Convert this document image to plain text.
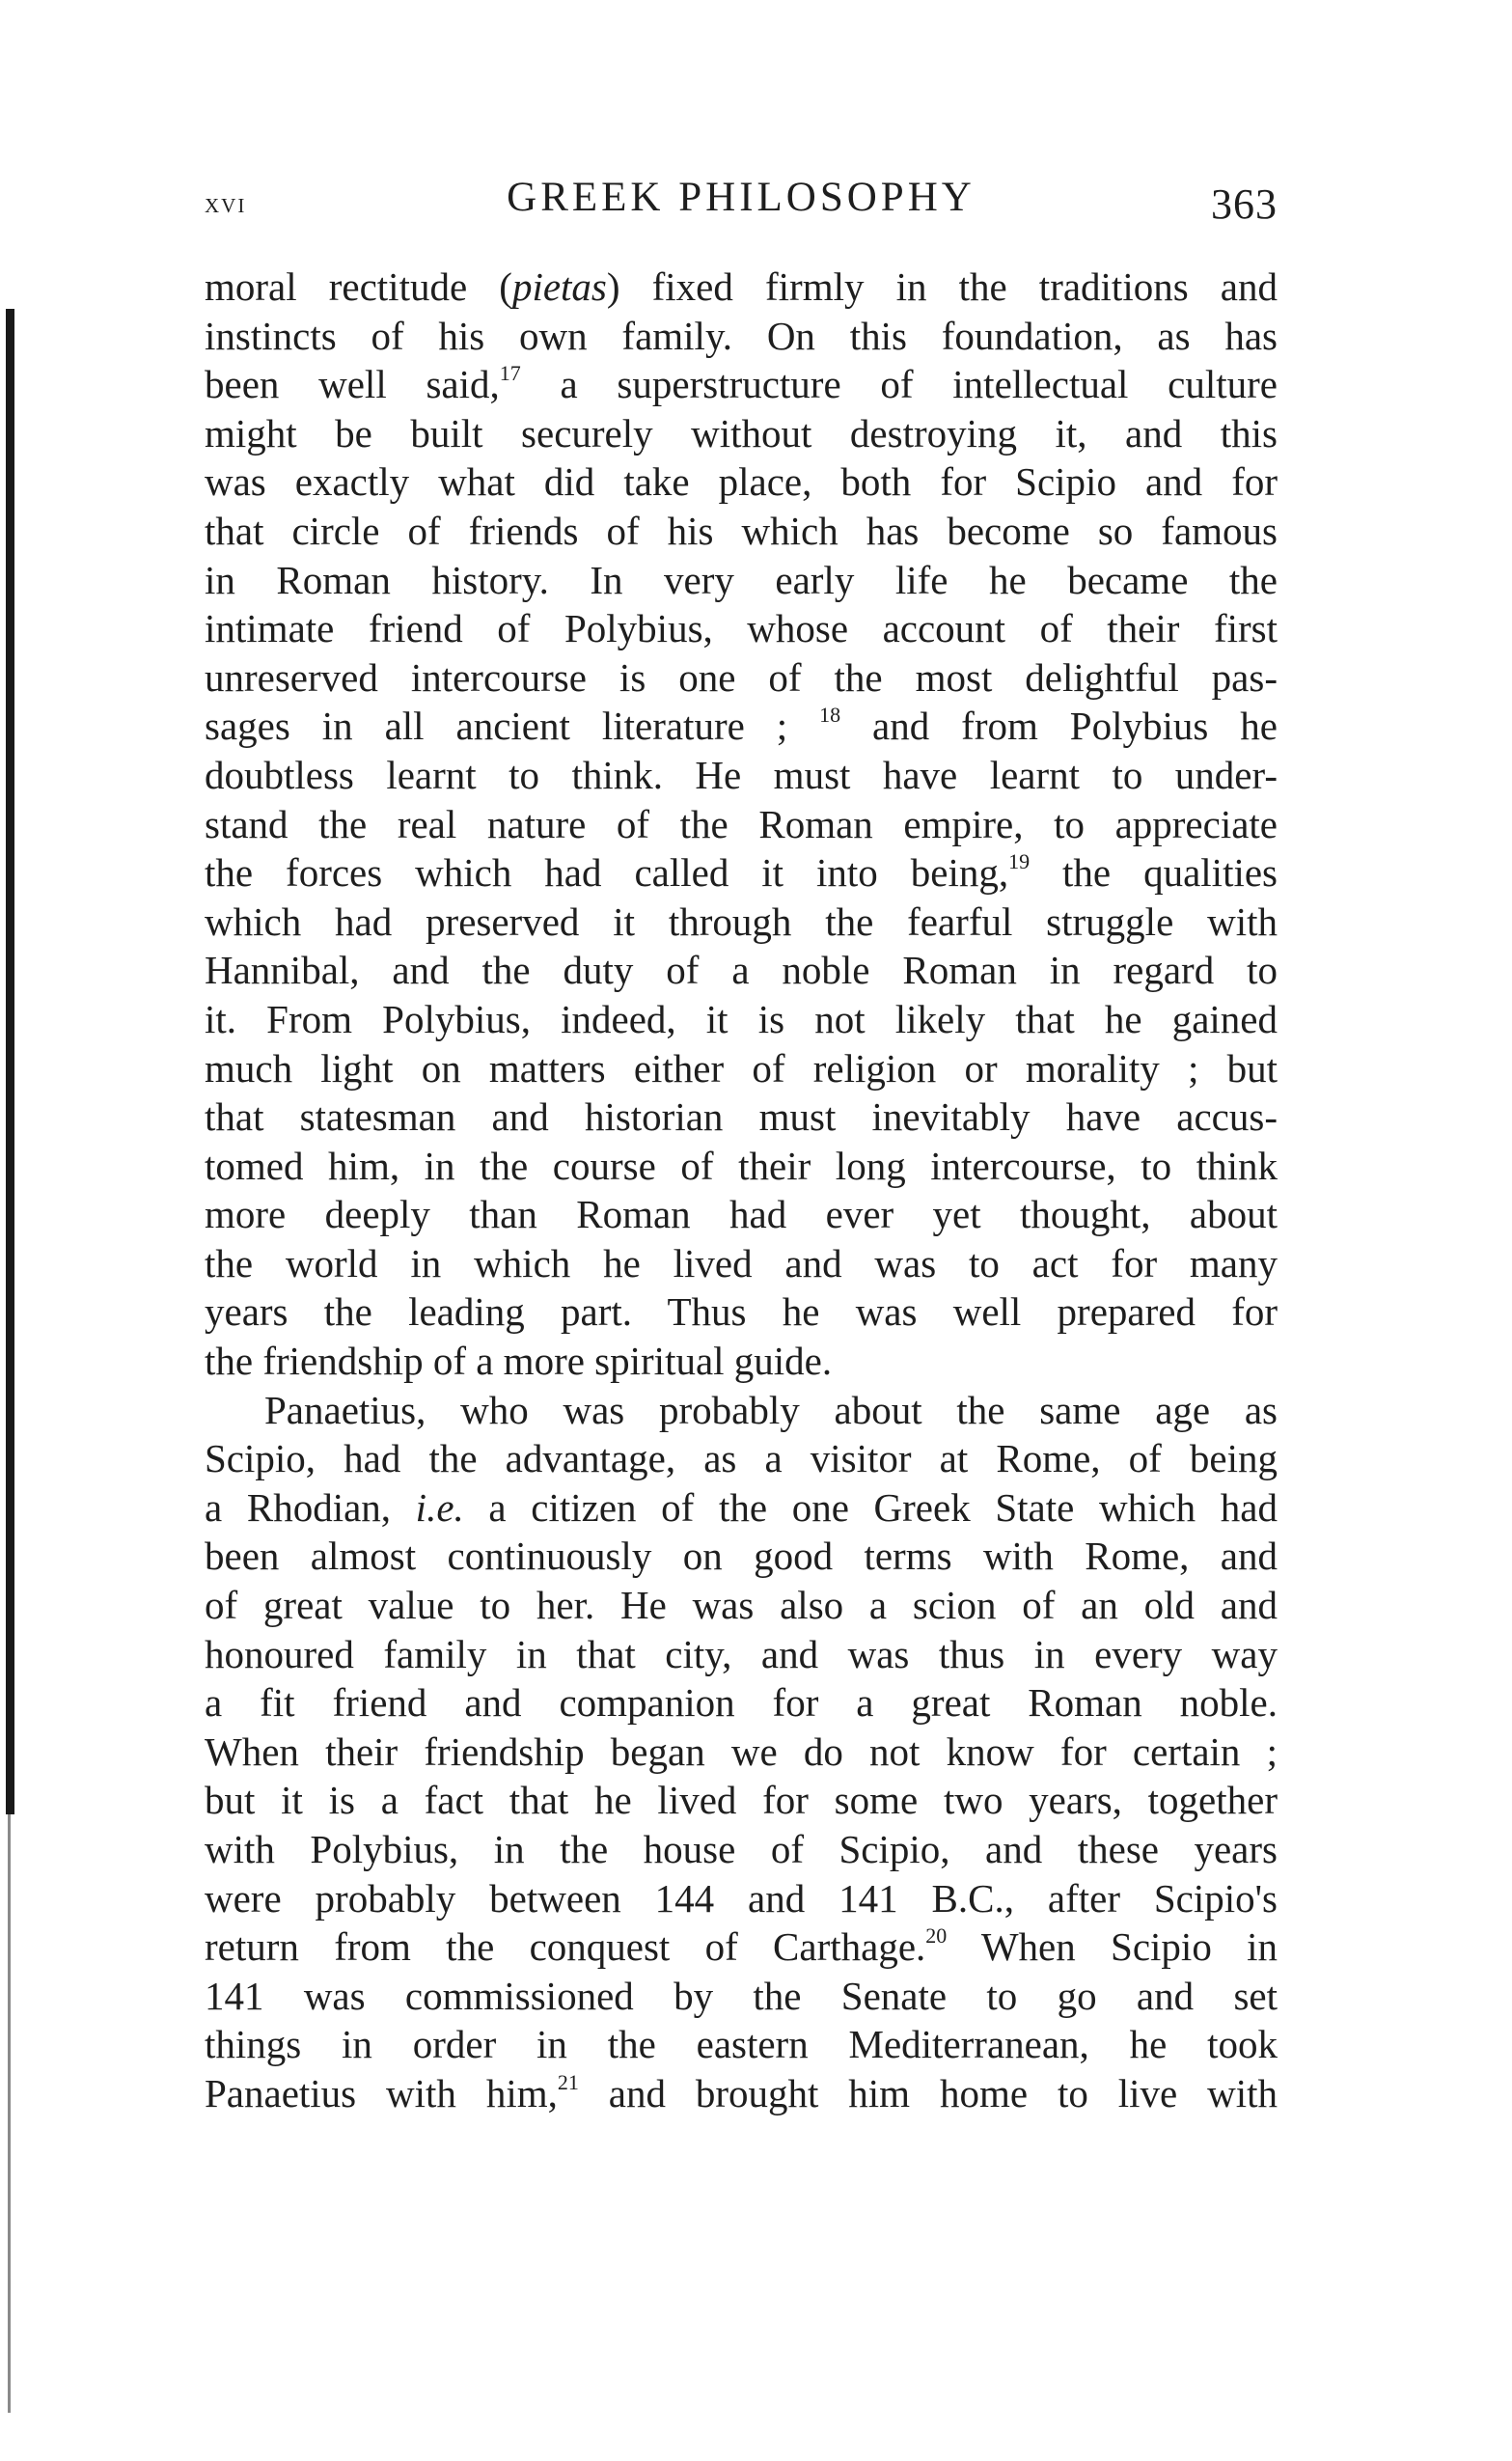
xvi	GREEK PHILOSOPHY	363
moral rectitude (pietas) fixed firmly in the traditions and
instincts of his own family. On this foundation, as has
been well said,$^{17}$ a superstructure of intellectual culture
might be built securely without destroying it, and this
was exactly what did take place, both for Scipio and for
that circle of friends of his which has become so famous
in Roman history. In very early life he became the
intimate friend of Polybius, whose account of their first
unreserved intercourse is one of the most delightful pas-
sages in all ancient literature ; $^{18}$ and from Polybius he
doubtless learnt to think. He must have learnt to under-
stand the real nature of the Roman empire, to appreciate
the forces which had called it into being,$^{19}$ the qualities
which had preserved it through the fearful struggle with
Hannibal, and the duty of a noble Roman in regard to
it. From Polybius, indeed, it is not likely that he gained
much light on matters either of religion or morality ; but
that statesman and historian must inevitably have accus-
tomed him, in the course of their long intercourse, to think
more deeply than Roman had ever yet thought, about
the world in which he lived and was to act for many
years the leading part. Thus he was well prepared for
the friendship of a more spiritual guide.
Panaetius, who was probably about the same age as
Scipio, had the advantage, as a visitor at Rome, of being
a Rhodian, i.e. a citizen of the one Greek State which had
been almost continuously on good terms with Rome, and
of great value to her. He was also a scion of an old and
honoured family in that city, and was thus in every way
a fit friend and companion for a great Roman noble.
When their friendship began we do not know for certain ;
but it is a fact that he lived for some two years, together
with Polybius, in the house of Scipio, and these years
were probably between 144 and 141 B.C., after Scipio's
return from the conquest of Carthage.$^{20}$ When Scipio in
141 was commissioned by the Senate to go and set
things in order in the eastern Mediterranean, he took
Panaetius with him,$^{21}$ and brought him home to live with
